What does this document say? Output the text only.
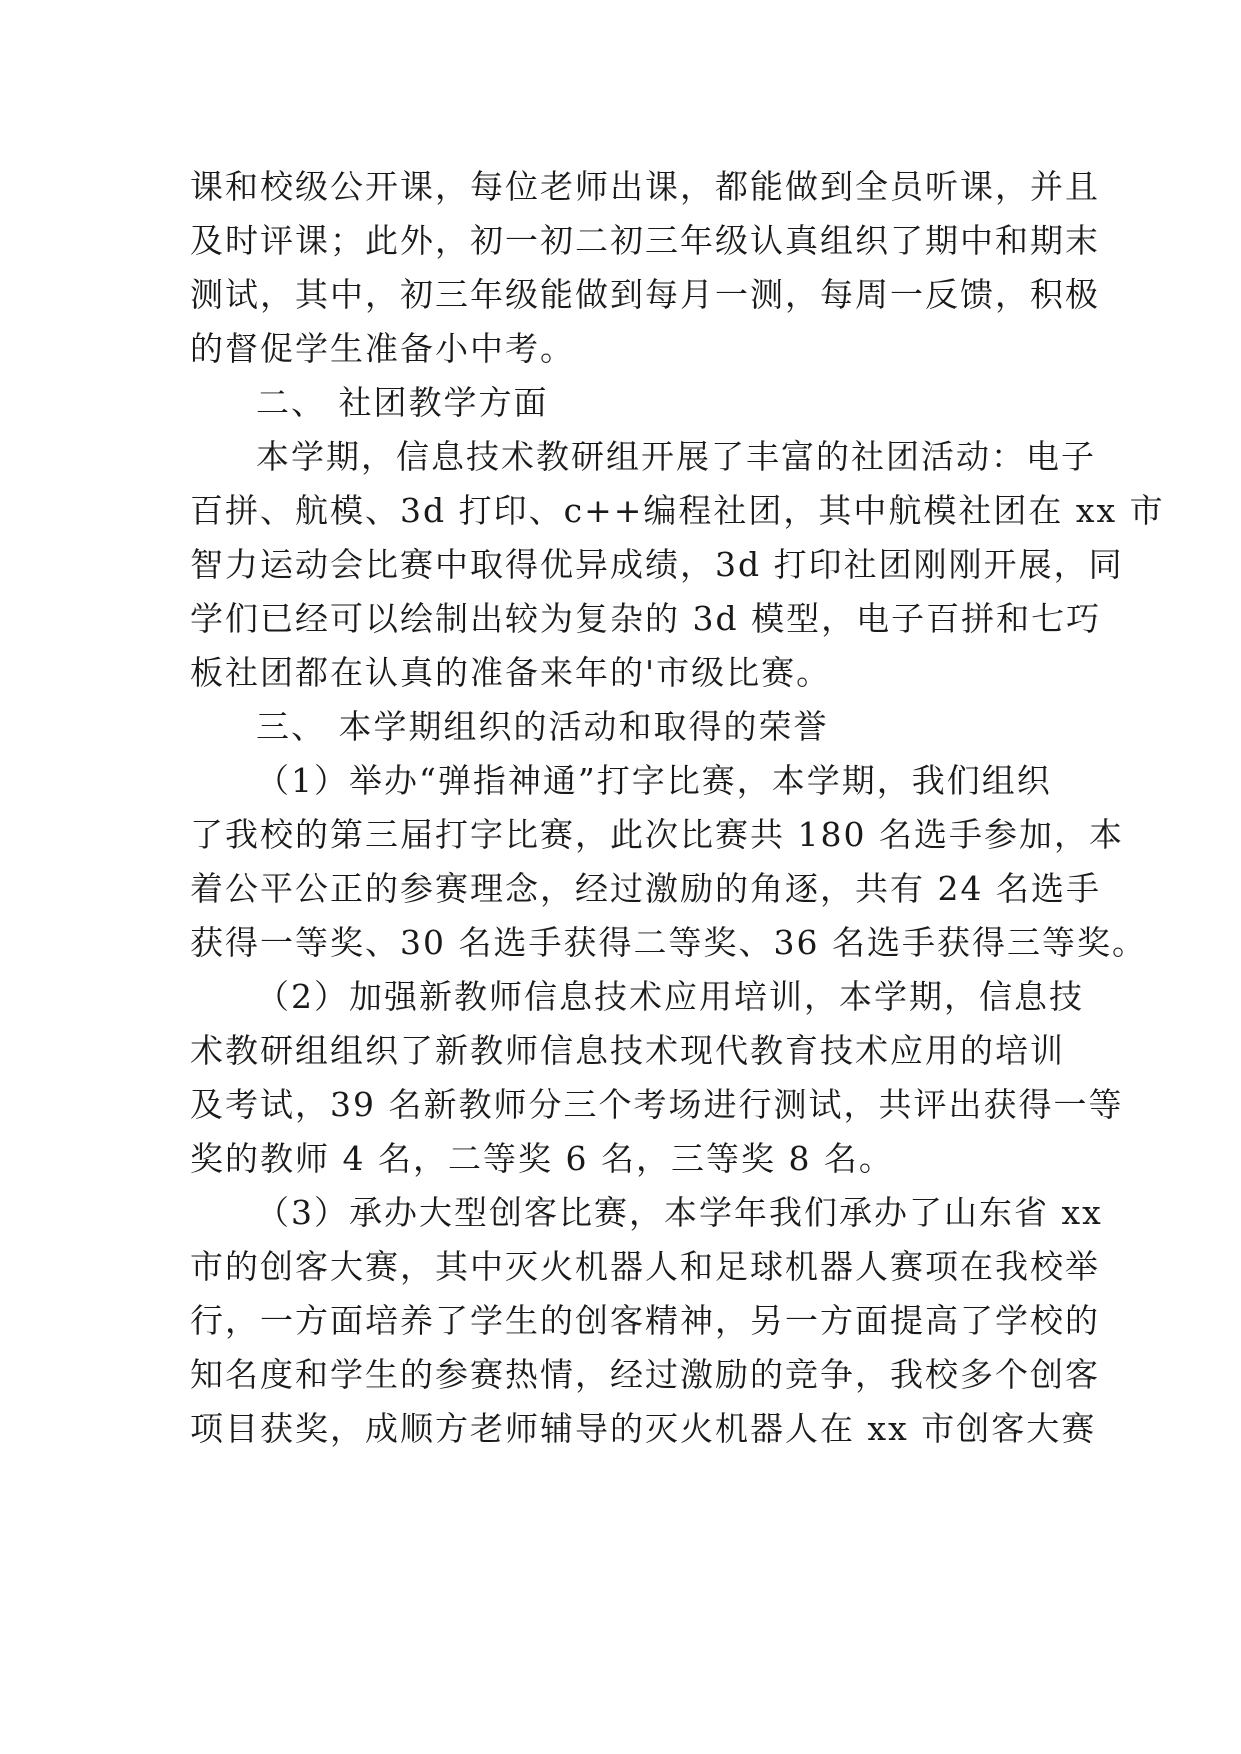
课和校级公开课，每位老师出课，都能做到全员听课，并且
及时评课；此外，初一初二初三年级认真组织了期中和期末
测试，其中，初三年级能做到每月一测，每周一反馈，积极
的督促学生准备小中考。
二、 社团教学方面
本学期，信息技术教研组开展了丰富的社团活动：电子
百拼、航模、3d 打印、c++编程社团，其中航模社团在 xx 市
智力运动会比赛中取得优异成绩，3d 打印社团刚刚开展，同
学们已经可以绘制出较为复杂的 3d 模型，电子百拼和七巧
板社团都在认真的准备来年的'市级比赛。
三、 本学期组织的活动和取得的荣誉
（1）举办“弹指神通”打字比赛，本学期，我们组织
了我校的第三届打字比赛，此次比赛共 180 名选手参加，本
着公平公正的参赛理念，经过激励的角逐，共有 24 名选手
获得一等奖、30 名选手获得二等奖、36 名选手获得三等奖。
（2）加强新教师信息技术应用培训，本学期，信息技
术教研组组织了新教师信息技术现代教育技术应用的培训
及考试，39 名新教师分三个考场进行测试，共评出获得一等
奖的教师 4 名，二等奖 6 名，三等奖 8 名。
（3）承办大型创客比赛，本学年我们承办了山东省 xx
市的创客大赛，其中灭火机器人和足球机器人赛项在我校举
行，一方面培养了学生的创客精神，另一方面提高了学校的
知名度和学生的参赛热情，经过激励的竞争，我校多个创客
项目获奖，成顺方老师辅导的灭火机器人在 xx 市创客大赛
